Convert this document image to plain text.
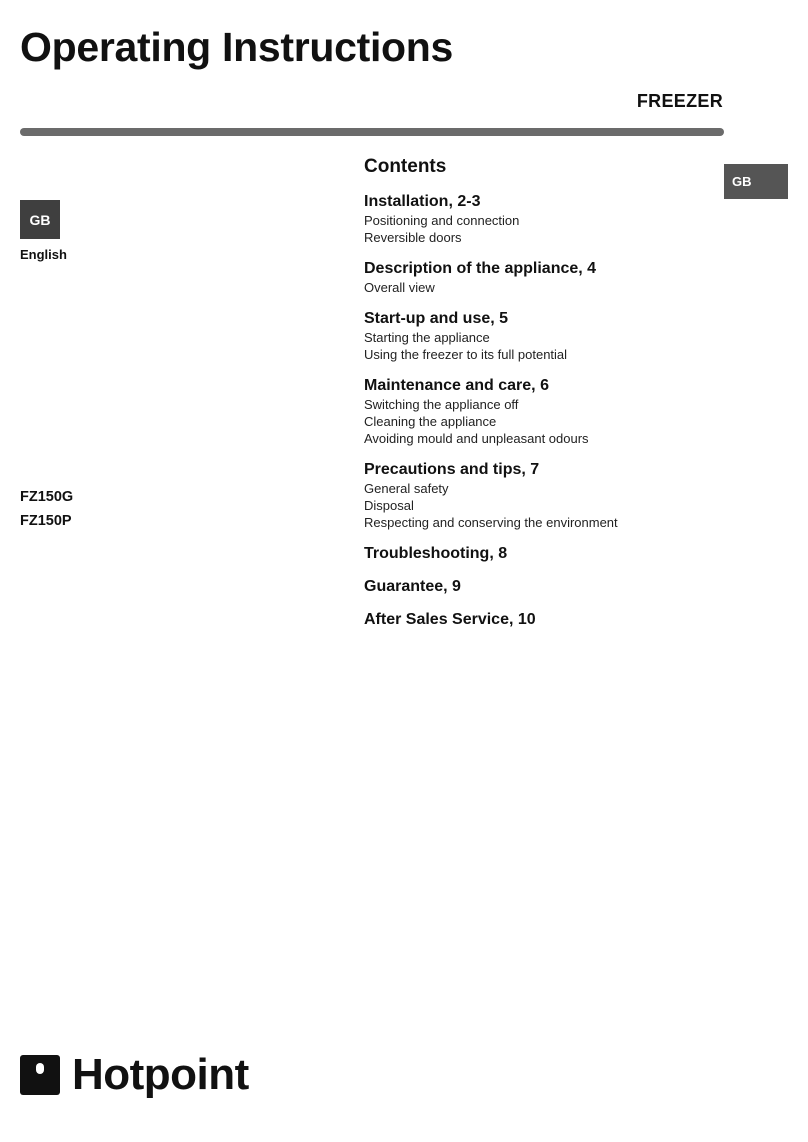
Operating Instructions
FREEZER
GB
GB
English
FZ150G
FZ150P
Contents
Installation, 2-3
Positioning and connection
Reversible doors
Description of the appliance, 4
Overall view
Start-up and use, 5
Starting the appliance
Using the freezer to its full potential
Maintenance and care, 6
Switching the appliance off
Cleaning the appliance
Avoiding mould and unpleasant odours
Precautions and tips, 7
General safety
Disposal
Respecting and conserving the environment
Troubleshooting, 8
Guarantee, 9
After Sales Service, 10
Hotpoint
